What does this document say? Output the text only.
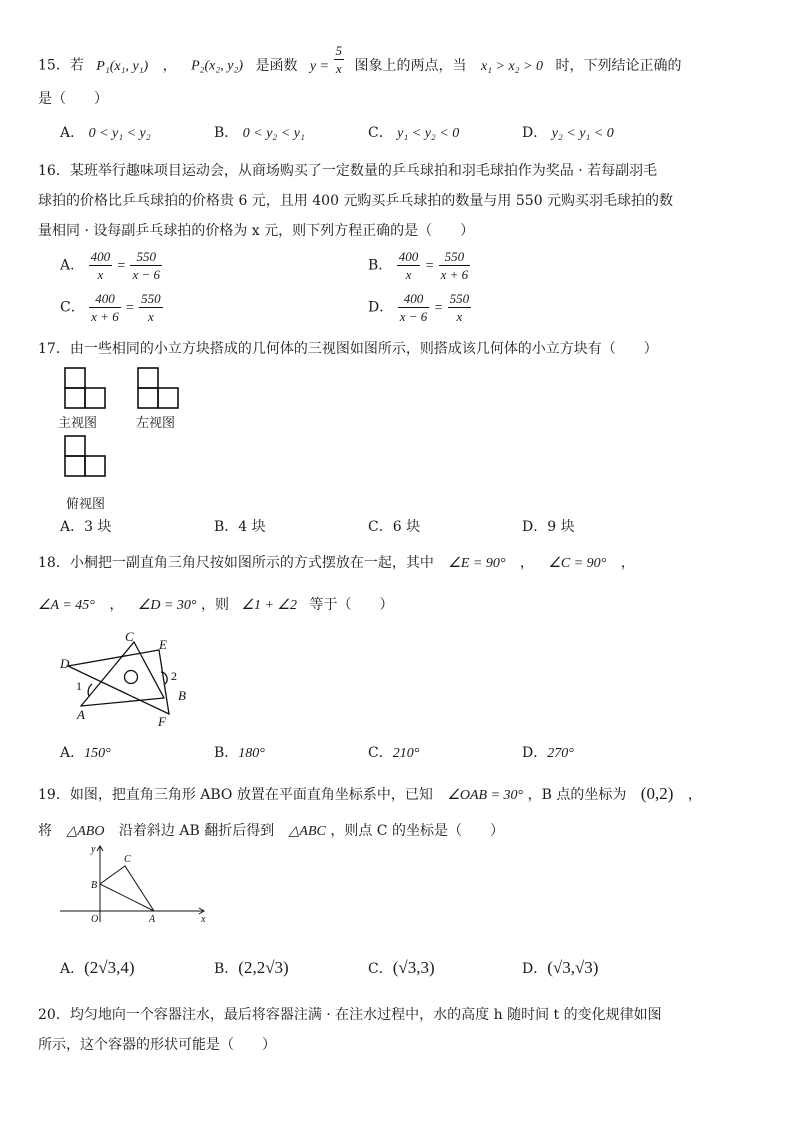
15．若 P₁(x₁, y₁) ， P₂(x₂, y₂) 是函数 $y = \frac{5}{x}$ 图象上的两点，当 x₁ > x₂ > 0 时，下列结论正确的
是（　　）
A． 0 < y₁ < y₂	B． 0 < y₂ < y₁	C． y₁ < y₂ < 0	D． y₂ < y₁ < 0
16．某班举行趣味项目运动会，从商场购买了一定数量的乒乓球拍和羽毛球拍作为奖品 · 若每副羽毛
球拍的价格比乒乓球拍的价格贵 6 元，且用 400 元购买乒乓球拍的数量与用 550 元购买羽毛球拍的数
量相同 · 设每副乒乓球拍的价格为 x 元，则下列方程正确的是（　　）
A． $\frac{400}{x} = \frac{550}{x - 6}$	B． $\frac{400}{x} = \frac{550}{x + 6}$
C． $\frac{400}{x + 6} = \frac{550}{x}$	D． $\frac{400}{x - 6} = \frac{550}{x}$
17．由一些相同的小立方块搭成的几何体的三视图如图所示，则搭成该几何体的小立方块有（　　）
主视图	左视图
俯视图
A．3 块	B．4 块	C．6 块	D．9 块
18．小桐把一副直角三角尺按如图所示的方式摆放在一起，其中 ∠E = 90° ， ∠C = 90° ，
∠A = 45° ， ∠D = 30° ，则 ∠1 + ∠2 等于（　　）
C
E
D
1
2
B
A	F
A．150°	B．180°	C．210°	D．270°
19．如图，把直角三角形 ABO 放置在平面直角坐标系中，已知 ∠OAB = 30° ，B 点的坐标为 (0,2) ，
将 △ABO 沿着斜边 AB 翻折后得到 △ABC ，则点 C 的坐标是（　　）
y
C
B
O	A	x
A．(2√3,4)	B．(2,2√3)	C．(√3,3)	D．(√3,√3)
20．均匀地向一个容器注水，最后将容器注满 · 在注水过程中，水的高度 h 随时间 t 的变化规律如图
所示，这个容器的形状可能是（　　）
